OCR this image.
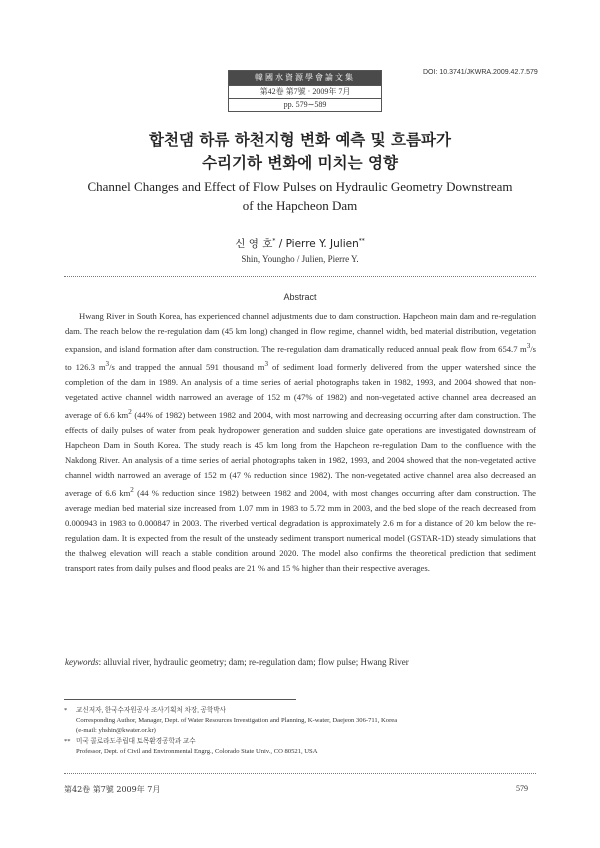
韓國水資源學會論文集
第42卷 第7號 · 2009年 7月
pp. 579∼589
DOI: 10.3741/JKWRA.2009.42.7.579
합천댐 하류 하천지형 변화 예측 및 흐름파가
수리기하 변화에 미치는 영향
Channel Changes and Effect of Flow Pulses on Hydraulic Geometry Downstream
of the Hapcheon Dam
신 영 호* / Pierre Y. Julien**
Shin, Youngho / Julien, Pierre Y.
Abstract

Hwang River in South Korea, has experienced channel adjustments due to dam construction. Hapcheon main dam and re-regulation dam. The reach below the re-regulation dam (45 km long) changed in flow regime, channel width, bed material distribution, vegetation expansion, and island formation after dam construction. The re-regulation dam dramatically reduced annual peak flow from 654.7 $m^3/s$ to 126.3 $m^3/s$ and trapped the annual 591 thousand $m^3$ of sediment load formerly delivered from the upper watershed since the completion of the dam in 1989. An analysis of a time series of aerial photographs taken in 1982, 1993, and 2004 showed that non-vegetated active channel width narrowed an average of 152 m (47% of 1982) and non-vegetated active channel area decreased an average of 6.6 $km^2$ (44% of 1982) between 1982 and 2004, with most narrowing and decreasing occurring after dam construction. The effects of daily pulses of water from peak hydropower generation and sudden sluice gate operations are investigated downstream of Hapcheon Dam in South Korea. The study reach is 45 km long from the Hapcheon re-regulation Dam to the confluence with the Nakdong River. An analysis of a time series of aerial photographs taken in 1982, 1993, and 2004 showed that the non-vegetated active channel width narrowed an average of 152 m (47 % reduction since 1982). The non-vegetated active channel area also decreased an average of 6.6 $km^2$ (44 % reduction since 1982) between 1982 and 2004, with most changes occurring after dam construction. The average median bed material size increased from 1.07 mm in 1983 to 5.72 mm in 2003, and the bed slope of the reach decreased from 0.000943 in 1983 to 0.000847 in 2003. The riverbed vertical degradation is approximately 2.6 m for a distance of 20 km below the re-regulation dam. It is expected from the result of the unsteady sediment transport numerical model (GSTAR-1D) steady simulations that the thalweg elevation will reach a stable condition around 2020. The model also confirms the theoretical prediction that sediment transport rates from daily pulses and flood peaks are 21 % and 15 % higher than their respective averages.

keywords: alluvial river, hydraulic geometry; dam; re-regulation dam; flow pulse; Hwang River
* 교신저자, 한국수자원공사 조사기획처 차장, 공학박사
Corresponding Author, Manager, Dept. of Water Resources Investigation and Planning, K-water, Daejeon 306-711, Korea
(e-mail: yhshin@kwater.or.kr)
** 미국 콜로라도주립대 토목환경공학과 교수
Professor, Dept. of Civil and Environmental Engrg., Colorado State Univ., CO 80521, USA
第42卷 第7號 2009年 7月	579
